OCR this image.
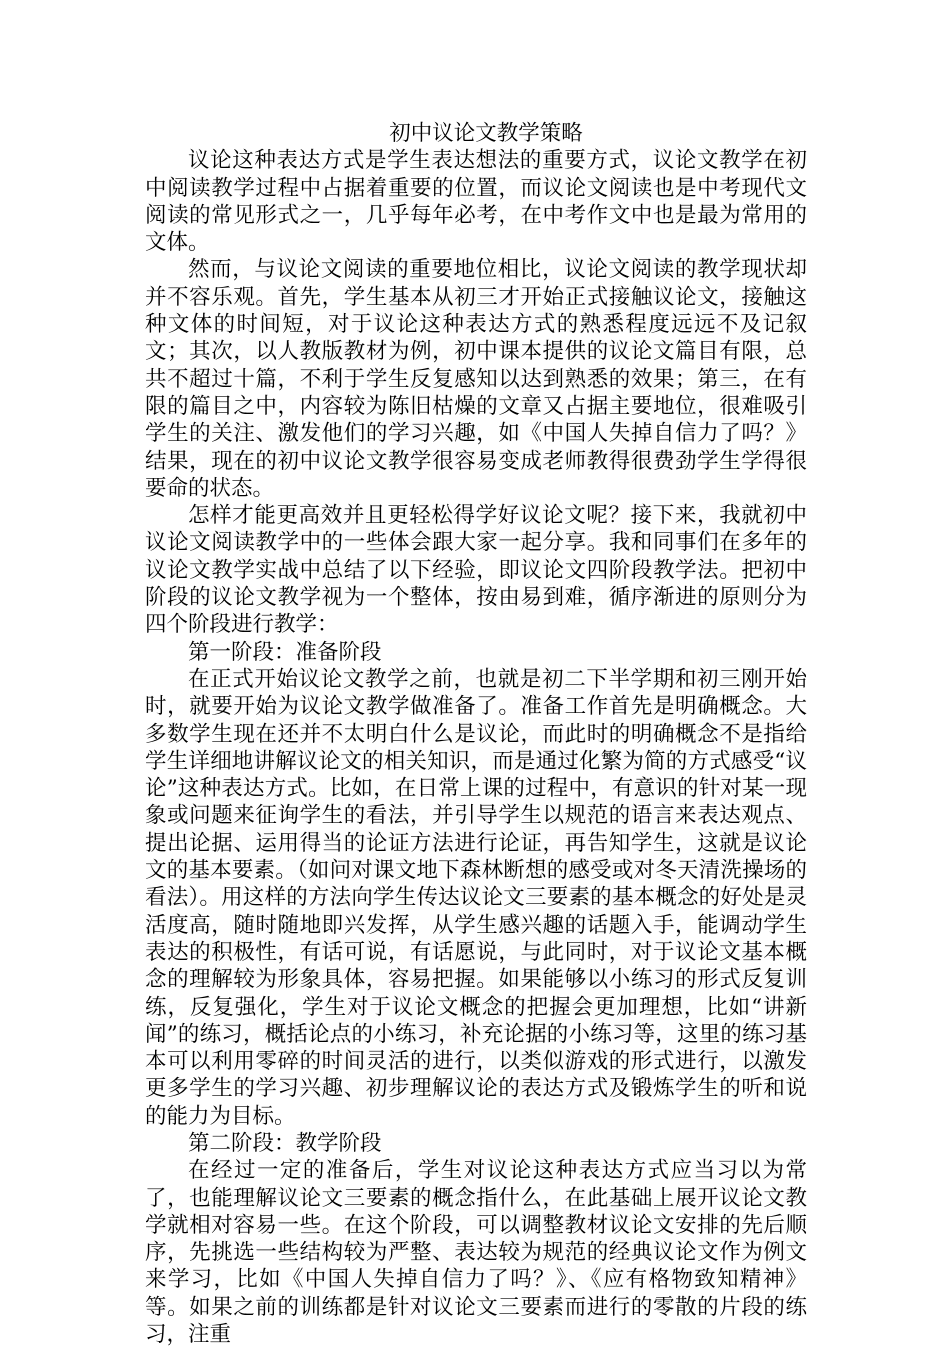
初中议论文教学策略

议论这种表达方式是学生表达想法的重要方式，议论文教学在初中阅读教学过程中占据着重要的位置，而议论文阅读也是中考现代文阅读的常见形式之一，几乎每年必考，在中考作文中也是最为常用的文体。

然而，与议论文阅读的重要地位相比，议论文阅读的教学现状却并不容乐观。首先，学生基本从初三才开始正式接触议论文，接触这种文体的时间短，对于议论这种表达方式的熟悉程度远远不及记叙文；其次，以人教版教材为例，初中课本提供的议论文篇目有限，总共不超过十篇，不利于学生反复感知以达到熟悉的效果；第三，在有限的篇目之中，内容较为陈旧枯燥的文章又占据主要地位，很难吸引学生的关注、激发他们的学习兴趣，如《中国人失掉自信力了吗？》结果，现在的初中议论文教学很容易变成老师教得很费劲学生学得很要命的状态。

怎样才能更高效并且更轻松得学好议论文呢？接下来，我就初中议论文阅读教学中的一些体会跟大家一起分享。我和同事们在多年的议论文教学实战中总结了以下经验，即议论文四阶段教学法。把初中阶段的议论文教学视为一个整体，按由易到难，循序渐进的原则分为四个阶段进行教学：

第一阶段：准备阶段

在正式开始议论文教学之前，也就是初二下半学期和初三刚开始时，就要开始为议论文教学做准备了。准备工作首先是明确概念。大多数学生现在还并不太明白什么是议论，而此时的明确概念不是指给学生详细地讲解议论文的相关知识，而是通过化繁为简的方式感受“议论”这种表达方式。比如，在日常上课的过程中，有意识的针对某一现象或问题来征询学生的看法，并引导学生以规范的语言来表达观点、提出论据、运用得当的论证方法进行论证，再告知学生，这就是议论文的基本要素。（如问对课文地下森林断想的感受或对冬天清洗操场的看法）。用这样的方法向学生传达议论文三要素的基本概念的好处是灵活度高，随时随地即兴发挥，从学生感兴趣的话题入手，能调动学生表达的积极性，有话可说，有话愿说，与此同时，对于议论文基本概念的理解较为形象具体，容易把握。如果能够以小练习的形式反复训练，反复强化，学生对于议论文概念的把握会更加理想，比如“讲新闻”的练习，概括论点的小练习，补充论据的小练习等，这里的练习基本可以利用零碎的时间灵活的进行，以类似游戏的形式进行，以激发更多学生的学习兴趣、初步理解议论的表达方式及锻炼学生的听和说的能力为目标。

第二阶段：教学阶段

在经过一定的准备后，学生对议论这种表达方式应当习以为常了，也能理解议论文三要素的概念指什么，在此基础上展开议论文教学就相对容易一些。在这个阶段，可以调整教材议论文安排的先后顺序，先挑选一些结构较为严整、表达较为规范的经典议论文作为例文来学习，比如《中国人失掉自信力了吗？》、《应有格物致知精神》等。如果之前的训练都是针对议论文三要素而进行的零散的片段的练习，注重
